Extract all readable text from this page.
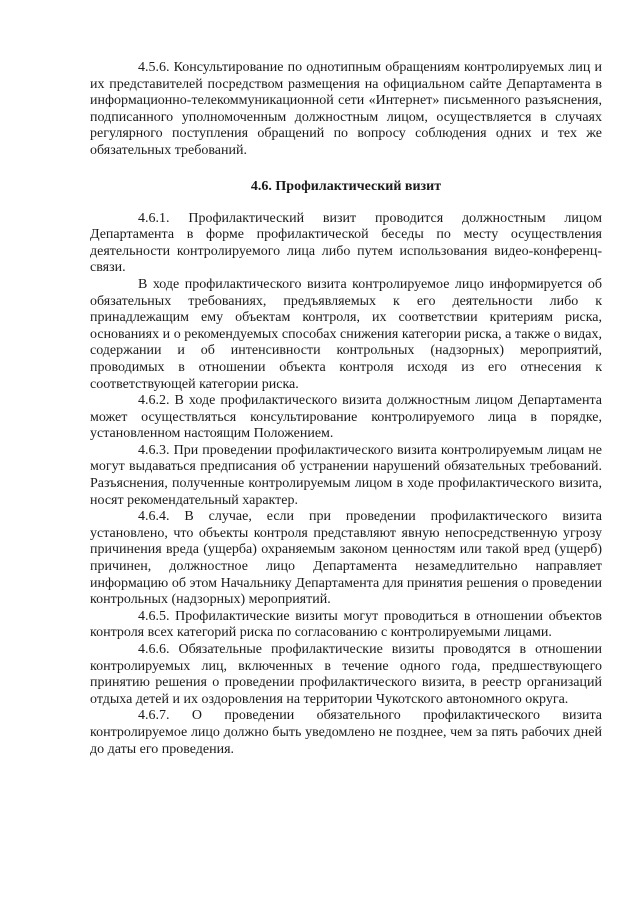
4.5.6. Консультирование по однотипным обращениям контролируемых лиц и их представителей посредством размещения на официальном сайте Департамента в информационно-телекоммуникационной сети «Интернет» письменного разъяснения, подписанного уполномоченным должностным лицом, осуществляется в случаях регулярного поступления обращений по вопросу соблюдения одних и тех же обязательных требований.

4.6. Профилактический визит

4.6.1. Профилактический визит проводится должностным лицом Департамента в форме профилактической беседы по месту осуществления деятельности контролируемого лица либо путем использования видео-конференц-связи.

В ходе профилактического визита контролируемое лицо информируется об обязательных требованиях, предъявляемых к его деятельности либо к принадлежащим ему объектам контроля, их соответствии критериям риска, основаниях и о рекомендуемых способах снижения категории риска, а также о видах, содержании и об интенсивности контрольных (надзорных) мероприятий, проводимых в отношении объекта контроля исходя из его отнесения к соответствующей категории риска.

4.6.2. В ходе профилактического визита должностным лицом Департамента может осуществляться консультирование контролируемого лица в порядке, установленном настоящим Положением.

4.6.3. При проведении профилактического визита контролируемым лицам не могут выдаваться предписания об устранении нарушений обязательных требований. Разъяснения, полученные контролируемым лицом в ходе профилактического визита, носят рекомендательный характер.

4.6.4. В случае, если при проведении профилактического визита установлено, что объекты контроля представляют явную непосредственную угрозу причинения вреда (ущерба) охраняемым законом ценностям или такой вред (ущерб) причинен, должностное лицо Департамента незамедлительно направляет информацию об этом Начальнику Департамента для принятия решения о проведении контрольных (надзорных) мероприятий.

4.6.5. Профилактические визиты могут проводиться в отношении объектов контроля всех категорий риска по согласованию с контролируемыми лицами.

4.6.6. Обязательные профилактические визиты проводятся в отношении контролируемых лиц, включенных в течение одного года, предшествующего принятию решения о проведении профилактического визита, в реестр организаций отдыха детей и их оздоровления на территории Чукотского автономного округа.

4.6.7. О проведении обязательного профилактического визита контролируемое лицо должно быть уведомлено не позднее, чем за пять рабочих дней до даты его проведения.
